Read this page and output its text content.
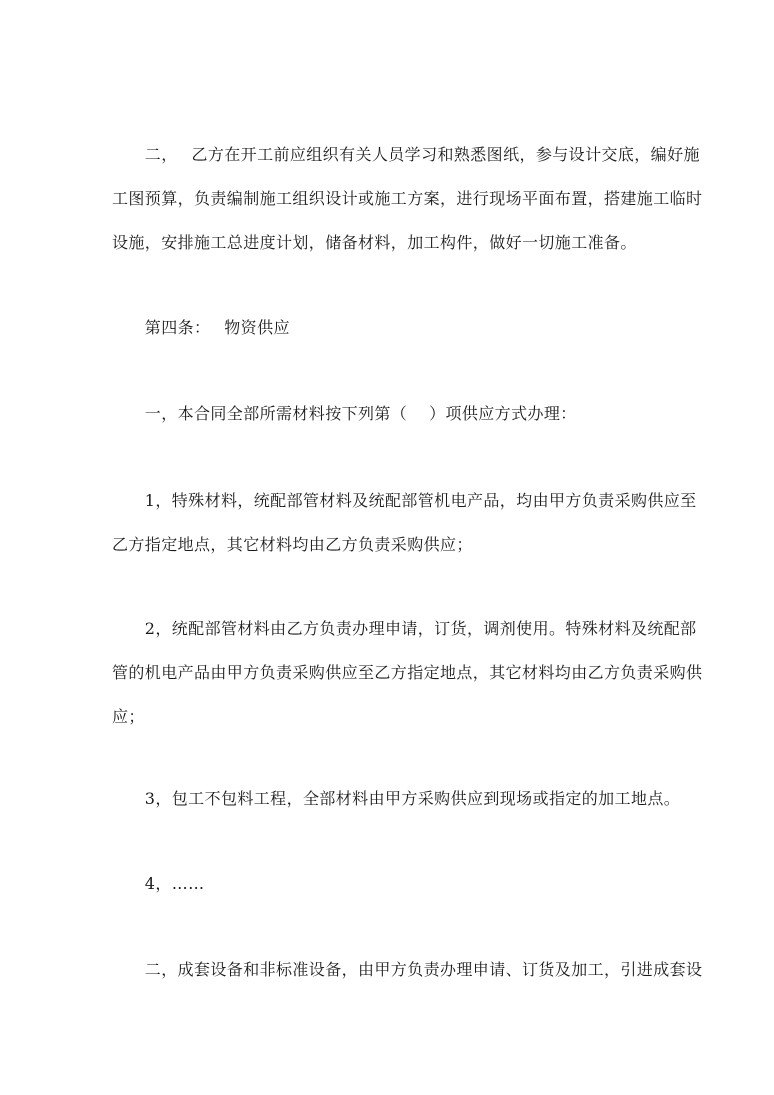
　　二，　 乙方在开工前应组织有关人员学习和熟悉图纸，参与设计交底，编好施
工图预算，负责编制施工组织设计或施工方案，进行现场平面布置，搭建施工临时
设施，安排施工总进度计划，储备材料，加工构件，做好一切施工准备。

　　第四条：　 物资供应

　　一，本合同全部所需材料按下列第（　 ）项供应方式办理：

　　1，特殊材料，统配部管材料及统配部管机电产品，均由甲方负责采购供应至
乙方指定地点，其它材料均由乙方负责采购供应；

　　2，统配部管材料由乙方负责办理申请，订货，调剂使用。特殊材料及统配部
管的机电产品由甲方负责采购供应至乙方指定地点，其它材料均由乙方负责采购供
应；

　　3，包工不包料工程，全部材料由甲方采购供应到现场或指定的加工地点。

　　4，……

　　二，成套设备和非标准设备，由甲方负责办理申请、订货及加工，引进成套设
